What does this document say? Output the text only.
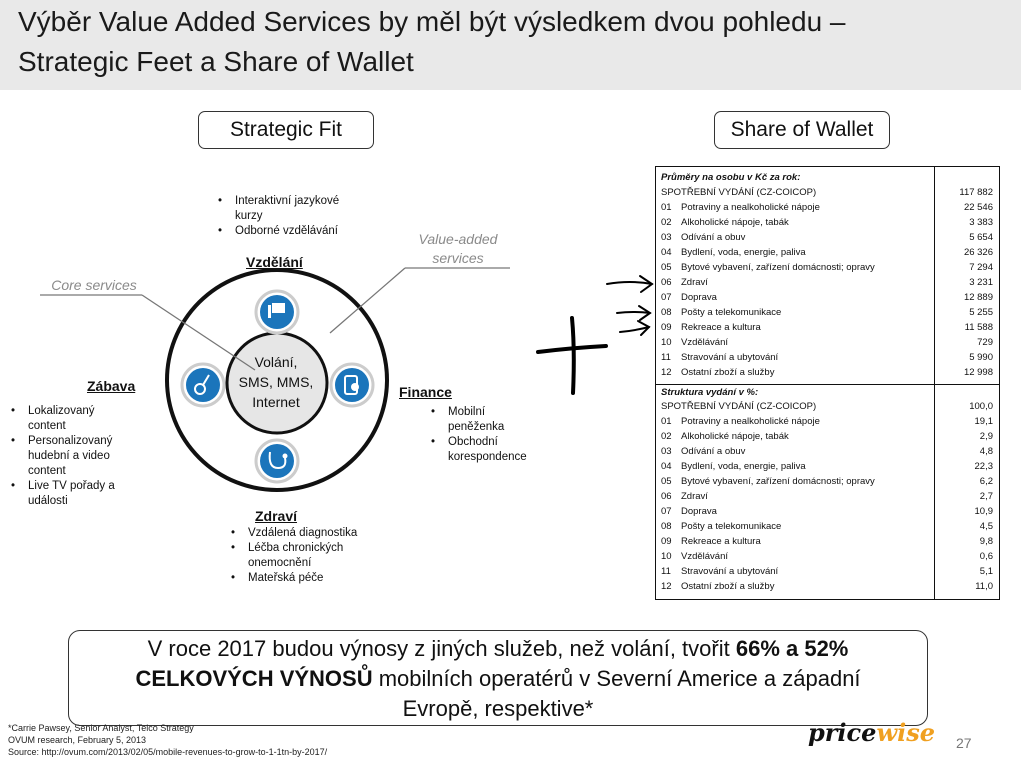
Výběr Value Added Services by měl být výsledkem dvou pohledu –
Strategic Feet a Share of Wallet
Strategic Fit	Share of Wallet
Core services
Value-added
services
Volání,
SMS, MMS,
Internet
• Interaktivní jazykové
kurzy
• Odborné vzdělávání
Vzdělání
Zábava
• Lokalizovaný
content
• Personalizovaný
hudební a video
content
• Live TV pořady a
události
Finance
• Mobilní
peněženka
• Obchodní
korespondence
Zdraví
• Vzdálená diagnostika
• Léčba chronických
onemocnění
• Mateřská péče
Průměry na osobu v Kč za rok:
SPOTŘEBNÍ VYDÁNÍ (CZ-COICOP)	117 882
01 Potraviny a nealkoholické nápoje	22 546
02 Alkoholické nápoje, tabák	3 383
03 Odívání a obuv	5 654
04 Bydlení, voda, energie, paliva	26 326
05 Bytové vybavení, zařízení domácnosti; opravy	7 294
06 Zdraví	3 231
07 Doprava	12 889
08 Pošty a telekomunikace	5 255
09 Rekreace a kultura	11 588
10 Vzdělávání	729
11 Stravování a ubytování	5 990
12 Ostatní zboží a služby	12 998
Struktura vydání v %:
SPOTŘEBNÍ VYDÁNÍ (CZ-COICOP)	100,0
01 Potraviny a nealkoholické nápoje	19,1
02 Alkoholické nápoje, tabák	2,9
03 Odívání a obuv	4,8
04 Bydlení, voda, energie, paliva	22,3
05 Bytové vybavení, zařízení domácnosti; opravy	6,2
06 Zdraví	2,7
07 Doprava	10,9
08 Pošty a telekomunikace	4,5
09 Rekreace a kultura	9,8
10 Vzdělávání	0,6
11 Stravování a ubytování	5,1
12 Ostatní zboží a služby	11,0
V roce 2017 budou výnosy z jiných služeb, než volání, tvořit 66% a 52%
CELKOVÝCH VÝNOSŮ mobilních operatérů v Severní Americe a západní
Evropě, respektive*
*Carrie Pawsey, Senior Analyst, Telco Strategy
OVUM research, February 5, 2013
Source: http://ovum.com/2013/02/05/mobile-revenues-to-grow-to-1-1tn-by-2017/
pricewise 27
